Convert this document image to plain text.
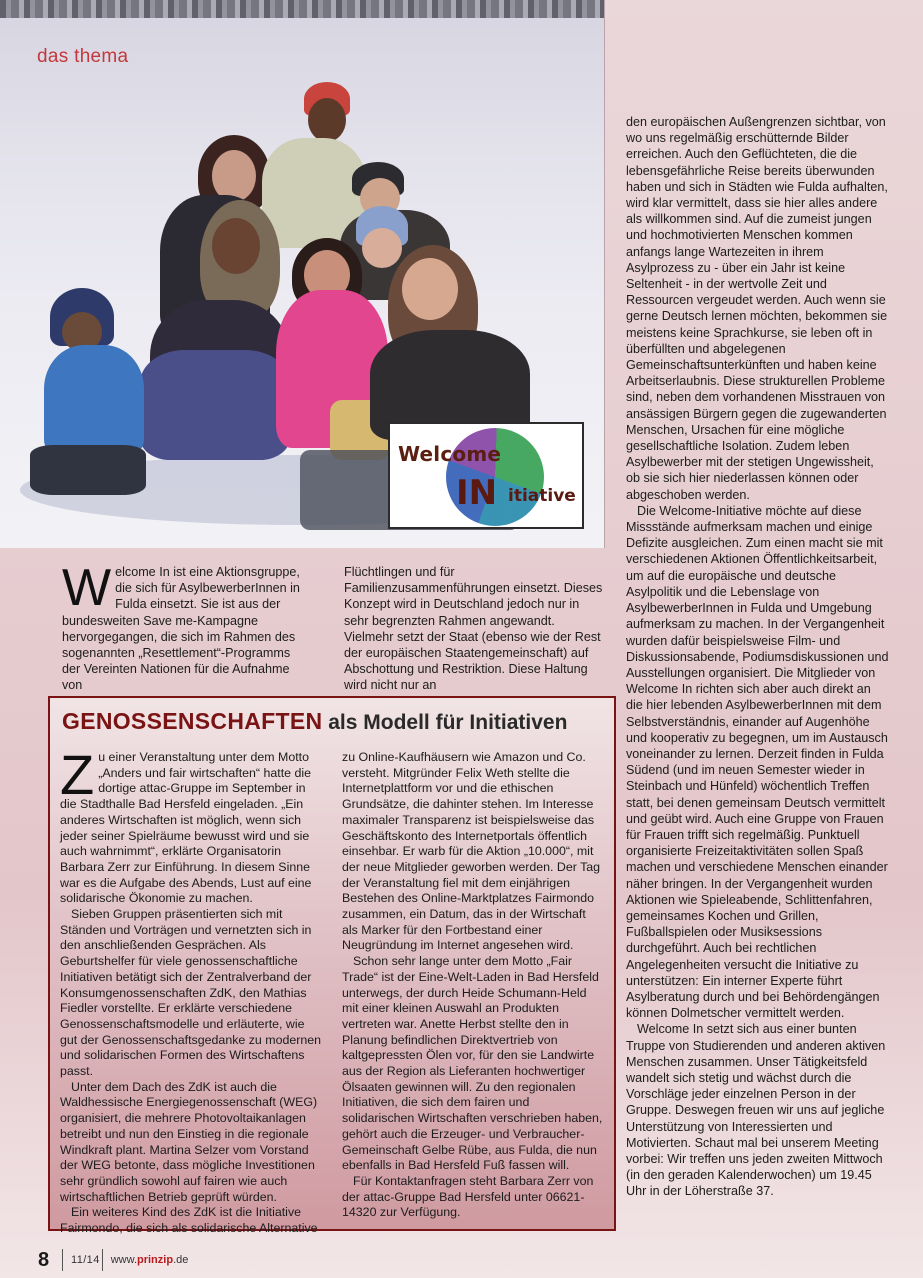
Welcome
IN itiative
das thema

Welcome In ist eine Aktionsgruppe, die sich für AsylbewerberInnen in Fulda einsetzt. Sie ist aus der bundesweiten Save me-Kampagne hervorgegangen, die sich im Rahmen des sogenannten „Resettlement“-Programms der Vereinten Nationen für die Aufnahme von

Flüchtlingen und für Familienzusammenführungen einsetzt. Dieses Konzept wird in Deutschland jedoch nur in sehr begrenzten Rahmen angewandt. Vielmehr setzt der Staat (ebenso wie der Rest der europäischen Staatengemeinschaft) auf Abschottung und Restriktion. Diese Haltung wird nicht nur an

den europäischen Außengrenzen sichtbar, von wo uns regelmäßig erschütternde Bilder erreichen. Auch den Geflüchteten, die die lebensgefährliche Reise bereits überwunden haben und sich in Städten wie Fulda aufhalten, wird klar vermittelt, dass sie hier alles andere als willkommen sind. Auf die zumeist jungen und hochmotivierten Menschen kommen anfangs lange Wartezeiten in ihrem Asylprozess zu - über ein Jahr ist keine Seltenheit - in der wertvolle Zeit und Ressourcen vergeudet werden. Auch wenn sie gerne Deutsch lernen möchten, bekommen sie meistens keine Sprachkurse, sie leben oft in überfüllten und abgelegenen Gemeinschaftsunterkünften und haben keine Arbeitserlaubnis. Diese strukturellen Probleme sind, neben dem vorhandenen Misstrauen von ansässigen Bürgern gegen die zugewanderten Menschen, Ursachen für eine mögliche gesellschaftliche Isolation. Zudem leben Asylbewerber mit der stetigen Ungewissheit, ob sie sich hier niederlassen können oder abgeschoben werden.

Die Welcome-Initiative möchte auf diese Missstände aufmerksam machen und einige Defizite ausgleichen. Zum einen macht sie mit verschiedenen Aktionen Öffentlichkeitsarbeit, um auf die europäische und deutsche Asylpolitik und die Lebenslage von AsylbewerberInnen in Fulda und Umgebung aufmerksam zu machen. In der Vergangenheit wurden dafür beispielsweise Film- und Diskussionsabende, Podiumsdiskussionen und Ausstellungen organisiert. Die Mitglieder von Welcome In richten sich aber auch direkt an die hier lebenden AsylbewerberInnen mit dem Selbstverständnis, einander auf Augenhöhe und kooperativ zu begegnen, um im Austausch voneinander zu lernen. Derzeit finden in Fulda Südend (und im neuen Semester wieder in Steinbach und Hünfeld) wöchentlich Treffen statt, bei denen gemeinsam Deutsch vermittelt und geübt wird. Auch eine Gruppe von Frauen für Frauen trifft sich regelmäßig. Punktuell organisierte Freizeitaktivitäten sollen Spaß machen und verschiedene Menschen einander näher bringen. In der Vergangenheit wurden Aktionen wie Spieleabende, Schlittenfahren, gemeinsames Kochen und Grillen, Fußballspielen oder Musiksessions durchgeführt. Auch bei rechtlichen Angelegenheiten versucht die Initiative zu unterstützen: Ein interner Experte führt Asylberatung durch und bei Behördengängen können Dolmetscher vermittelt werden.

Welcome In setzt sich aus einer bunten Truppe von Studierenden und anderen aktiven Menschen zusammen. Unser Tätigkeitsfeld wandelt sich stetig und wächst durch die Vorschläge jeder einzelnen Person in der Gruppe. Deswegen freuen wir uns auf jegliche Unterstützung von Interessierten und Motivierten. Schaut mal bei unserem Meeting vorbei: Wir treffen uns jeden zweiten Mittwoch (in den geraden Kalenderwochen) um 19.45 Uhr in der Löherstraße 37.

GENOSSENSCHAFTEN als Modell für Initiativen

Zu einer Veranstaltung unter dem Motto „Anders und fair wirtschaften“ hatte die dortige attac-Gruppe im September in die Stadthalle Bad Hersfeld eingeladen. „Ein anderes Wirtschaften ist möglich, wenn sich jeder seiner Spielräume bewusst wird und sie auch wahrnimmt“, erklärte Organisatorin Barbara Zerr zur Einführung. In diesem Sinne war es die Aufgabe des Abends, Lust auf eine solidarische Ökonomie zu machen.

Sieben Gruppen präsentierten sich mit Ständen und Vorträgen und vernetzten sich in den anschließenden Gesprächen. Als Geburtshelfer für viele genossenschaftliche Initiativen betätigt sich der Zentralverband der Konsumgenossenschaften ZdK, den Mathias Fiedler vorstellte. Er erklärte verschiedene Genossenschaftsmodelle und erläuterte, wie gut der Genossenschaftsgedanke zu modernen und solidarischen Formen des Wirtschaftens passt.

Unter dem Dach des ZdK ist auch die Waldhessische Energiegenossenschaft (WEG) organisiert, die mehrere Photovoltaikanlagen betreibt und nun den Einstieg in die regionale Windkraft plant. Martina Selzer vom Vorstand der WEG betonte, dass mögliche Investitionen sehr gründlich sowohl auf fairen wie auch wirtschaftlichen Betrieb geprüft würden.

Ein weiteres Kind des ZdK ist die Initiative Fairmondo, die sich als solidarische Alternative

zu Online-Kaufhäusern wie Amazon und Co. versteht. Mitgründer Felix Weth stellte die Internetplattform vor und die ethischen Grundsätze, die dahinter stehen. Im Interesse maximaler Transparenz ist beispielsweise das Geschäftskonto des Internetportals öffentlich einsehbar. Er warb für die Aktion „10.000“, mit der neue Mitglieder geworben werden. Der Tag der Veranstaltung fiel mit dem einjährigen Bestehen des Online-Marktplatzes Fairmondo zusammen, ein Datum, das in der Wirtschaft als Marker für den Fortbestand einer Neugründung im Internet angesehen wird.

Schon sehr lange unter dem Motto „Fair Trade“ ist der Eine-Welt-Laden in Bad Hersfeld unterwegs, der durch Heide Schumann-Held mit einer kleinen Auswahl an Produkten vertreten war. Anette Herbst stellte den in Planung befindlichen Direktvertrieb von kaltgepressten Ölen vor, für den sie Landwirte aus der Region als Lieferanten hochwertiger Ölsaaten gewinnen will. Zu den regionalen Initiativen, die sich dem fairen und solidarischen Wirtschaften verschrieben haben, gehört auch die Erzeuger- und Verbraucher-Gemeinschaft Gelbe Rübe, aus Fulda, die nun ebenfalls in Bad Hersfeld Fuß fassen will.

Für Kontaktanfragen steht Barbara Zerr von der attac-Gruppe Bad Hersfeld unter 06621-14320 zur Verfügung.

8	11/14 www.prinzip.de
